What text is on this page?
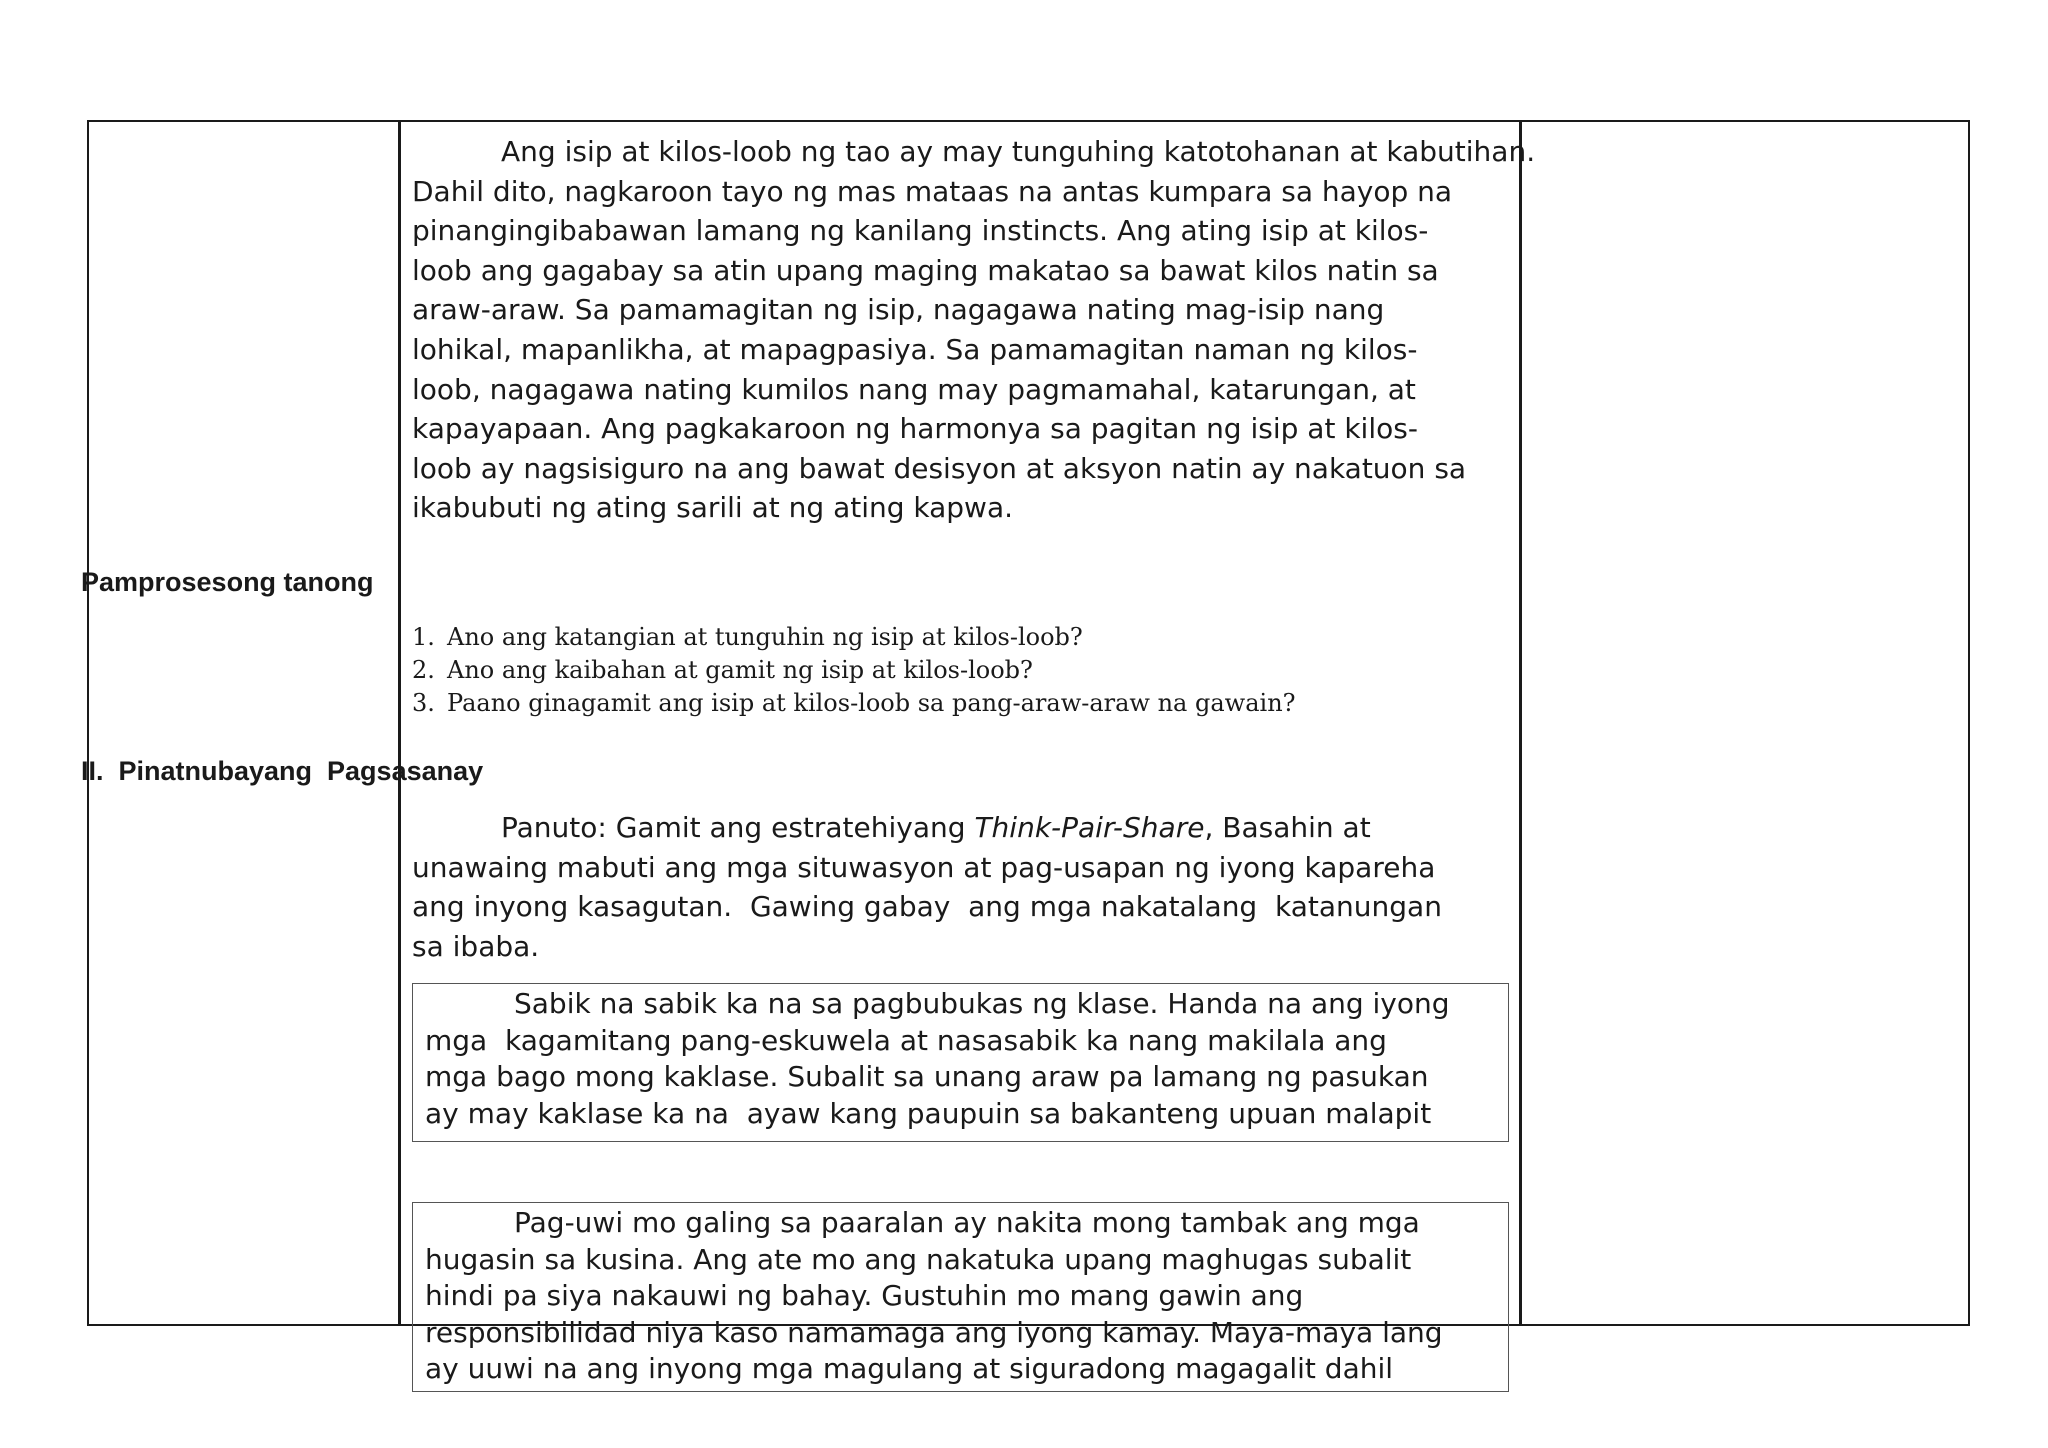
Ang isip at kilos-loob ng tao ay may tunguhing katotohanan at kabutihan.

Dahil dito, nagkaroon tayo ng mas mataas na antas kumpara sa hayop na

pinangingibabawan lamang ng kanilang instincts. Ang ating isip at kilos-

loob ang gagabay sa atin upang maging makatao sa bawat kilos natin sa

araw-araw. Sa pamamagitan ng isip, nagagawa nating mag-isip nang

lohikal, mapanlikha, at mapagpasiya. Sa pamamagitan naman ng kilos-

loob, nagagawa nating kumilos nang may pagmamahal, katarungan, at

kapayapaan. Ang pagkakaroon ng harmonya sa pagitan ng isip at kilos-

loob ay nagsisiguro na ang bawat desisyon at aksyon natin ay nakatuon sa

ikabubuti ng ating sarili at ng ating kapwa.

Pamprosesong tanong

1. Ano ang katangian at tunguhin ng isip at kilos-loob?
2. Ano ang kaibahan at gamit ng isip at kilos-loob?
3. Paano ginagamit ang isip at kilos-loob sa pang-araw-araw na gawain?

II.  Pinatnubayang  Pagsasanay

Panuto: Gamit ang estratehiyang Think-Pair-Share, Basahin at

unawaing mabuti ang mga situwasyon at pag-usapan ng iyong kapareha

ang inyong kasagutan.  Gawing gabay  ang mga nakatalang  katanungan

sa ibaba.

Sabik na sabik ka na sa pagbubukas ng klase. Handa na ang iyong

mga  kagamitang pang-eskuwela at nasasabik ka nang makilala ang

mga bago mong kaklase. Subalit sa unang araw pa lamang ng pasukan

ay may kaklase ka na  ayaw kang paupuin sa bakanteng upuan malapit

Pag-uwi mo galing sa paaralan ay nakita mong tambak ang mga

hugasin sa kusina. Ang ate mo ang nakatuka upang maghugas subalit

hindi pa siya nakauwi ng bahay. Gustuhin mo mang gawin ang

responsibilidad niya kaso namamaga ang iyong kamay. Maya-maya lang

ay uuwi na ang inyong mga magulang at siguradong magagalit dahil
